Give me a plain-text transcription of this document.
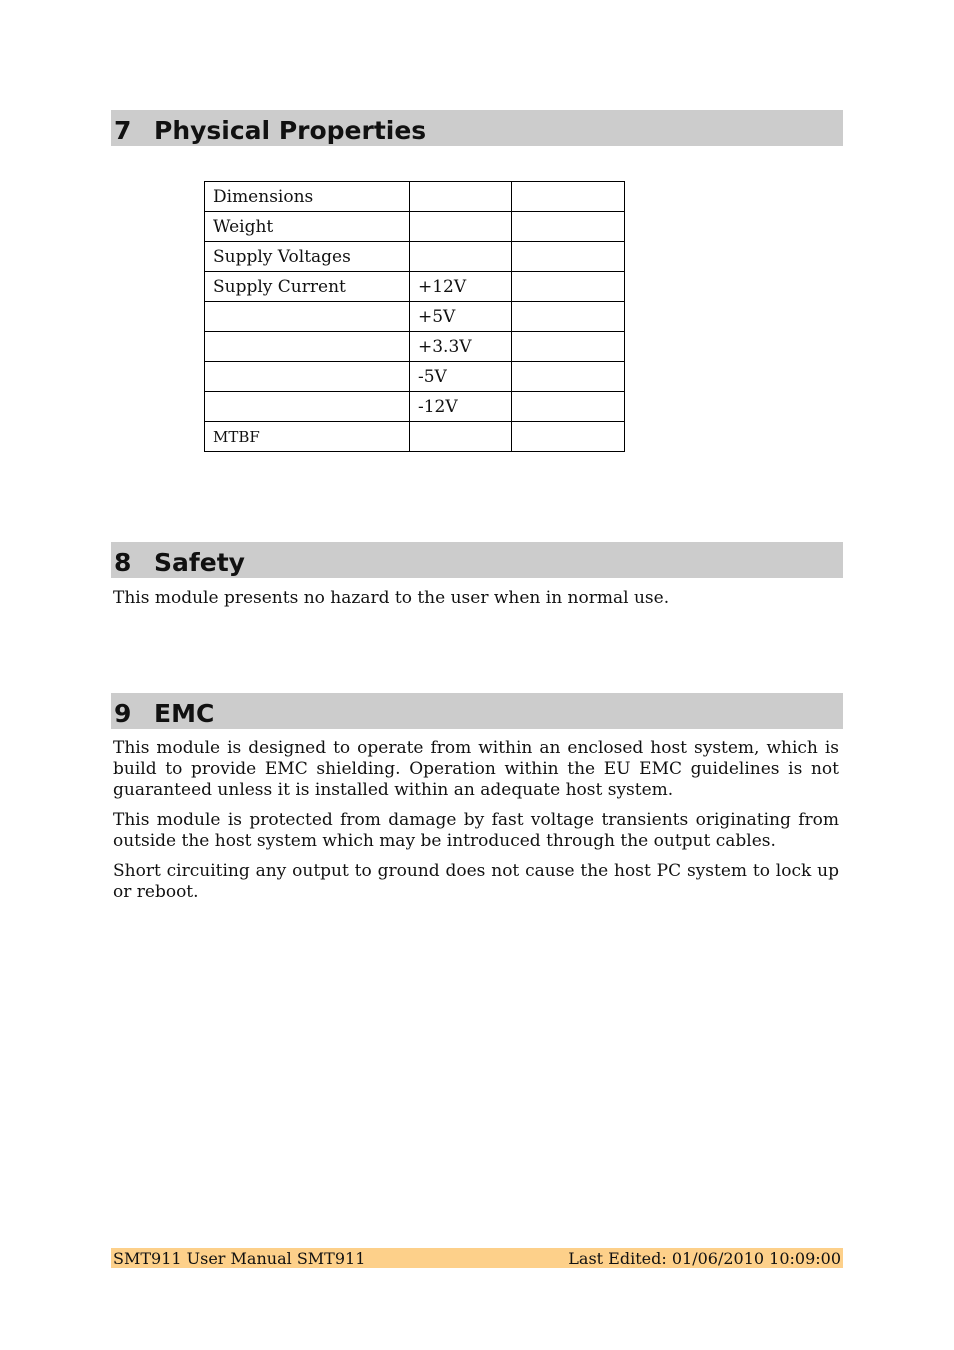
7 Physical Properties
Dimensions		
Weight		
Supply Voltages		
Supply Current	+12V	
	+5V	
	+3.3V	
	-5V	
	-12V	
MTBF		
8 Safety

This module presents no hazard to the user when in normal use.

9 EMC

This module is designed to operate from within an enclosed host system, which is build to provide EMC shielding. Operation within the EU EMC guidelines is not guaranteed unless it is installed within an adequate host system.

This module is protected from damage by fast voltage transients originating from outside the host system which may be introduced through the output cables.

Short circuiting any output to ground does not cause the host PC system to lock up or reboot.

SMT911 User Manual SMT911	Last Edited: 01/06/2010 10:09:00
